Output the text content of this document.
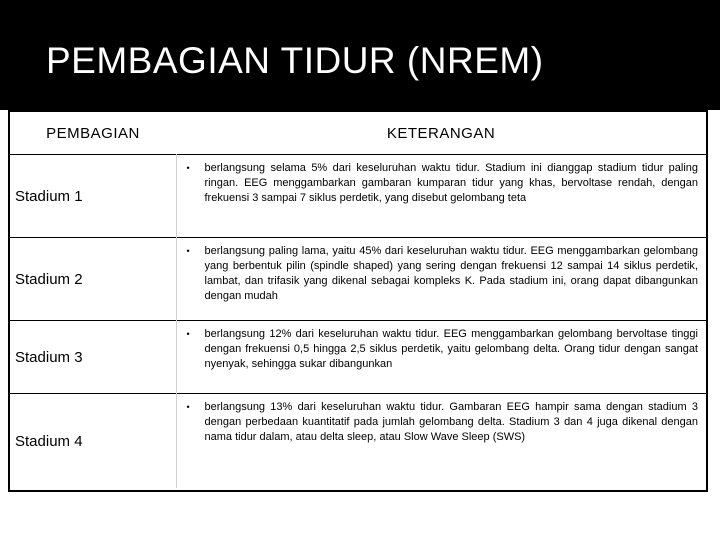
PEMBAGIAN TIDUR (NREM)
PEMBAGIAN	KETERANGAN
Stadium 1	• berlangsung selama 5% dari keseluruhan waktu tidur. Stadium ini dianggap stadium tidur paling ringan. EEG menggambarkan gambaran kumparan tidur yang khas, bervoltase rendah, dengan frekuensi 3 sampai 7 siklus perdetik, yang disebut gelombang teta

Stadium 2	• berlangsung paling lama, yaitu 45% dari keseluruhan waktu tidur. EEG menggambarkan gelombang yang berbentuk pilin (spindle shaped) yang sering dengan frekuensi 12 sampai 14 siklus perdetik, lambat, dan trifasik yang dikenal sebagai kompleks K. Pada stadium ini, orang dapat dibangunkan dengan mudah

Stadium 3	• berlangsung 12% dari keseluruhan waktu tidur. EEG menggambarkan gelombang bervoltase tinggi dengan frekuensi 0,5 hingga 2,5 siklus perdetik, yaitu gelombang delta. Orang tidur dengan sangat nyenyak, sehingga sukar dibangunkan

Stadium 4	• berlangsung 13% dari keseluruhan waktu tidur. Gambaran EEG hampir sama dengan stadium 3 dengan perbedaan kuantitatif pada jumlah gelombang delta. Stadium 3 dan 4 juga dikenal dengan nama tidur dalam, atau delta sleep, atau Slow Wave Sleep (SWS)
